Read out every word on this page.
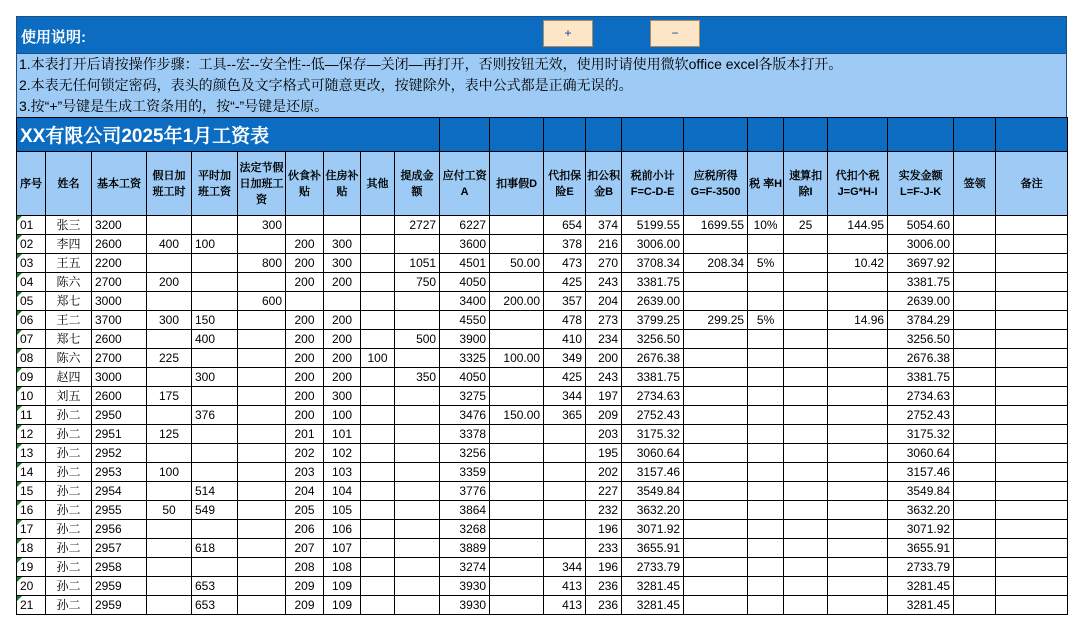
使用说明:	+	−
1.本表打开后请按操作步骤：工具--宏--安全性--低—保存—关闭—再打开，否则按钮无效，使用时请使用微软office excel各版本打开。
2.本表无任何锁定密码，表头的颜色及文字格式可随意更改，按键除外，表中公式都是正确无误的。
3.按“+”号键是生成工资条用的，按“-”号键是还原。
XX有限公司2025年1月工资表																					
序号	姓名	基本工资	假日加班工时	平时加班工资	法定节假日加班工资	伙食补贴	住房补贴	其他	提成金额	应付工资A	扣事假D	代扣保险E	扣公积金B	税前小计F=C-D-E	应税所得G=F-3500	税 率H	速算扣除I	代扣个税J=G*H-I	实发金额L=F-J-K	签领	备注
01	张三	3200			300				2727	6227		654	374	5199.55	1699.55	10%	25	144.95	5054.60		
02	李四	2600	400	100		200	300			3600		378	216	3006.00					3006.00		
03	王五	2200			800	200	300		1051	4501	50.00	473	270	3708.34	208.34	5%		10.42	3697.92		
04	陈六	2700	200			200	200		750	4050		425	243	3381.75					3381.75		
05	郑七	3000			600					3400	200.00	357	204	2639.00					2639.00		
06	王二	3700	300	150		200	200			4550		478	273	3799.25	299.25	5%		14.96	3784.29		
07	郑七	2600		400		200	200		500	3900		410	234	3256.50					3256.50		
08	陈六	2700	225			200	200	100		3325	100.00	349	200	2676.38					2676.38		
09	赵四	3000		300		200	200		350	4050		425	243	3381.75					3381.75		
10	刘五	2600	175			200	300			3275		344	197	2734.63					2734.63		
11	孙二	2950		376		200	100			3476	150.00	365	209	2752.43					2752.43		
12	孙二	2951	125			201	101			3378			203	3175.32					3175.32		
13	孙二	2952				202	102			3256			195	3060.64					3060.64		
14	孙二	2953	100			203	103			3359			202	3157.46					3157.46		
15	孙二	2954		514		204	104			3776			227	3549.84					3549.84		
16	孙二	2955	50	549		205	105			3864			232	3632.20					3632.20		
17	孙二	2956				206	106			3268			196	3071.92					3071.92		
18	孙二	2957		618		207	107			3889			233	3655.91					3655.91		
19	孙二	2958				208	108			3274		344	196	2733.79					2733.79		
20	孙二	2959		653		209	109			3930		413	236	3281.45					3281.45		
21	孙二	2959		653		209	109			3930		413	236	3281.45					3281.45		
